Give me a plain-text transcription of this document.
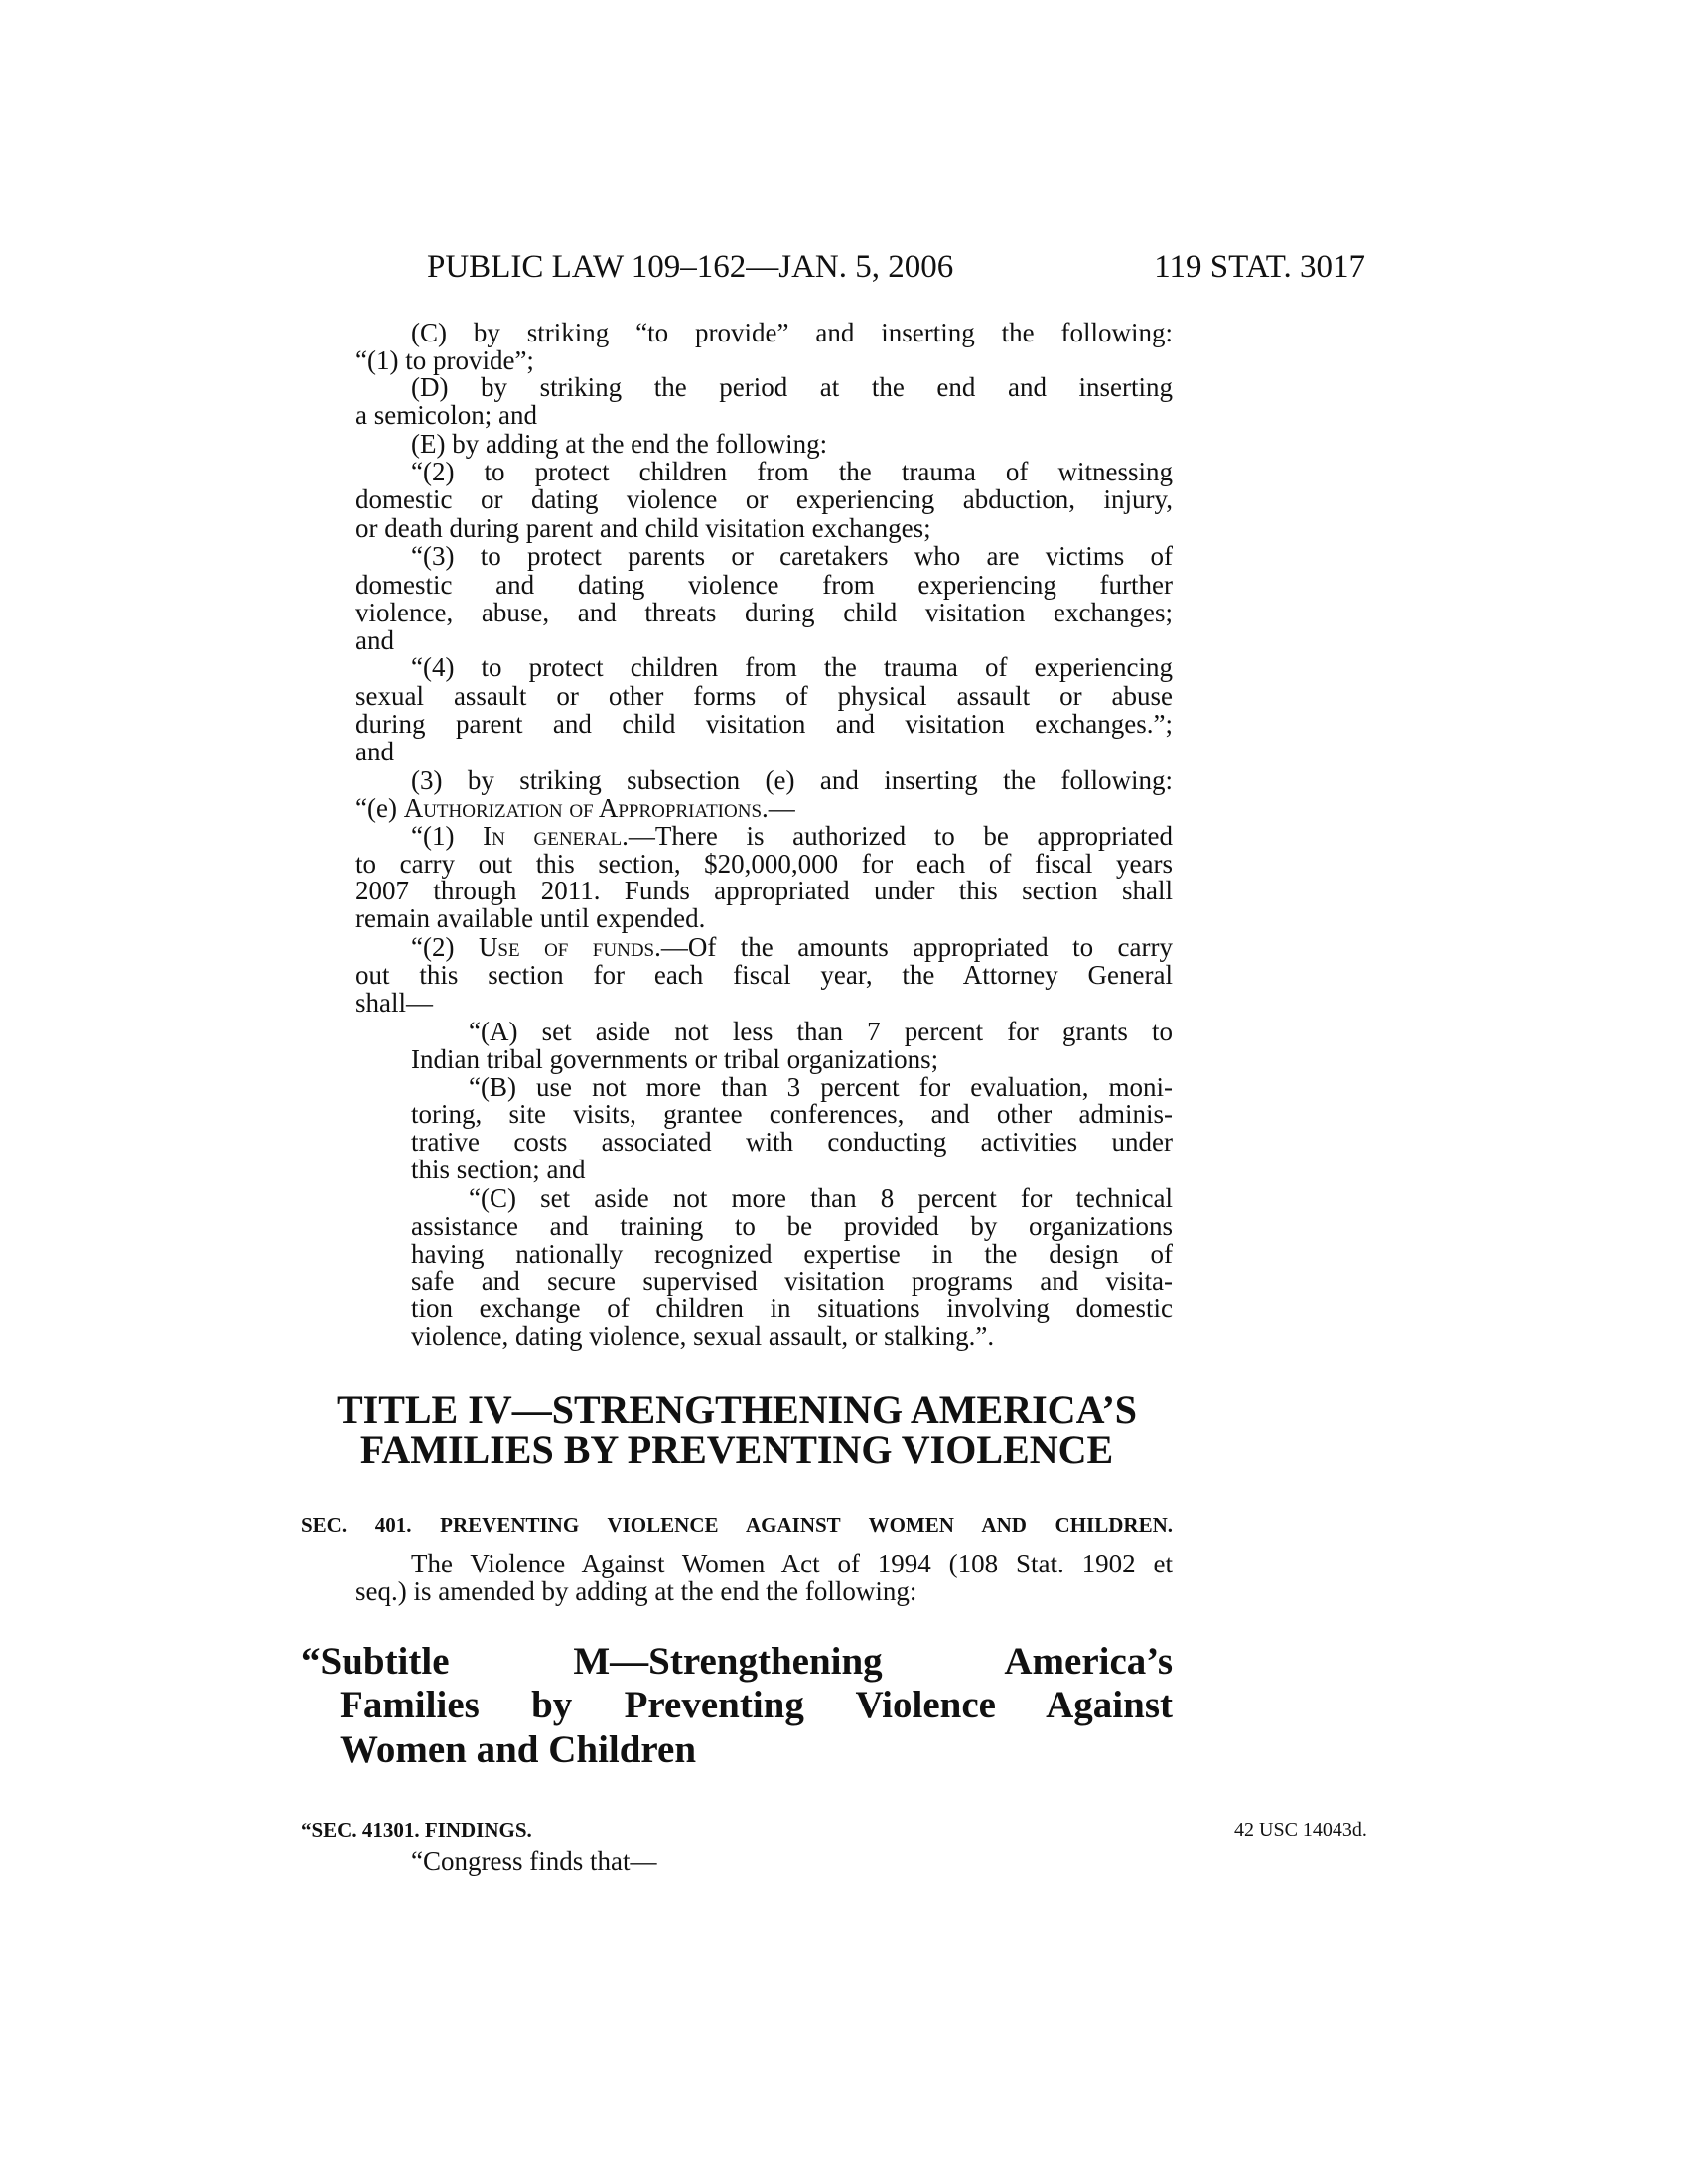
PUBLIC LAW 109–162—JAN. 5, 2006	119 STAT. 3017
(C) by striking “to provide” and inserting the following:
“(1) to provide”;
(D) by striking the period at the end and inserting
a semicolon; and
(E) by adding at the end the following:
“(2) to protect children from the trauma of witnessing
domestic or dating violence or experiencing abduction, injury,
or death during parent and child visitation exchanges;
“(3) to protect parents or caretakers who are victims of
domestic and dating violence from experiencing further
violence, abuse, and threats during child visitation exchanges;
and
“(4) to protect children from the trauma of experiencing
sexual assault or other forms of physical assault or abuse
during parent and child visitation and visitation exchanges.”;
and
(3) by striking subsection (e) and inserting the following:
“(e) Authorization of Appropriations.—
“(1) In general.—There is authorized to be appropriated
to carry out this section, $20,000,000 for each of fiscal years
2007 through 2011. Funds appropriated under this section shall
remain available until expended.
“(2) Use of funds.—Of the amounts appropriated to carry
out this section for each fiscal year, the Attorney General
shall—
“(A) set aside not less than 7 percent for grants to
Indian tribal governments or tribal organizations;
“(B) use not more than 3 percent for evaluation, moni-
toring, site visits, grantee conferences, and other adminis-
trative costs associated with conducting activities under
this section; and
“(C) set aside not more than 8 percent for technical
assistance and training to be provided by organizations
having nationally recognized expertise in the design of
safe and secure supervised visitation programs and visita-
tion exchange of children in situations involving domestic
violence, dating violence, sexual assault, or stalking.”.
TITLE IV—STRENGTHENING AMERICA’S
FAMILIES BY PREVENTING VIOLENCE
SEC. 401. PREVENTING VIOLENCE AGAINST WOMEN AND CHILDREN.
The Violence Against Women Act of 1994 (108 Stat. 1902 et
seq.) is amended by adding at the end the following:
“Subtitle M—Strengthening America’s
Families by Preventing Violence Against
Women and Children
“SEC. 41301. FINDINGS.	42 USC 14043d.
“Congress finds that—
